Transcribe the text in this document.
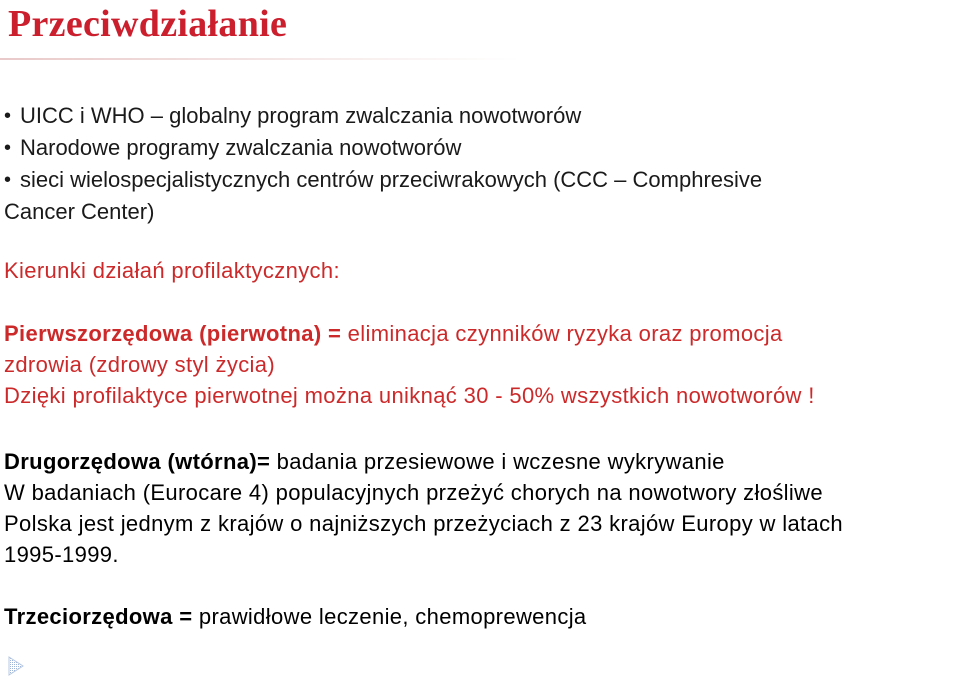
Przeciwdziałanie
• UICC i WHO – globalny program zwalczania nowotworów
• Narodowe programy zwalczania nowotworów
• sieci wielospecjalistycznych centrów przeciwrakowych (CCC – Comphresive
Cancer Center)

Kierunki działań profilaktycznych:

Pierwszorzędowa (pierwotna) = eliminacja czynników ryzyka oraz promocja

zdrowia (zdrowy styl życia)

Dzięki profilaktyce pierwotnej można uniknąć 30 - 50% wszystkich nowotworów !

Drugorzędowa (wtórna)= badania przesiewowe i wczesne wykrywanie

W badaniach (Eurocare 4) populacyjnych przeżyć chorych na nowotwory złośliwe

Polska jest jednym z krajów o najniższych przeżyciach z 23 krajów Europy w latach

1995-1999.

Trzeciorzędowa = prawidłowe leczenie, chemoprewencja
